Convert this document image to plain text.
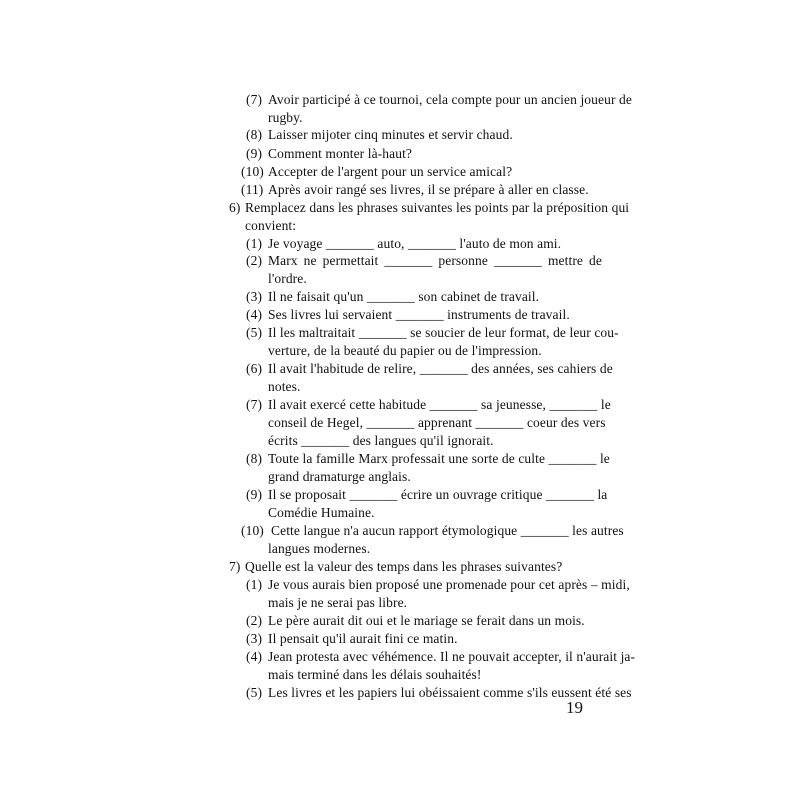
(7) Avoir participé à ce tournoi, cela compte pour un ancien joueur de
rugby.
(8) Laisser mijoter cinq minutes et servir chaud.
(9) Comment monter là-haut?
(10) Accepter de l'argent pour un service amical?
(11) Après avoir rangé ses livres, il se prépare à aller en classe.
6) Remplacez dans les phrases suivantes les points par la préposition qui
convient:
(1) Je voyage _______ auto, _______ l'auto de mon ami.
(2) Marx ne permettait _______ personne _______ mettre de
l'ordre.
(3) Il ne faisait qu'un _______ son cabinet de travail.
(4) Ses livres lui servaient _______ instruments de travail.
(5) Il les maltraitait _______ se soucier de leur format, de leur cou-
verture, de la beauté du papier ou de l'impression.
(6) Il avait l'habitude de relire, _______ des années, ses cahiers de
notes.
(7) Il avait exercé cette habitude _______ sa jeunesse, _______ le
conseil de Hegel, _______ apprenant _______ coeur des vers
écrits _______ des langues qu'il ignorait.
(8) Toute la famille Marx professait une sorte de culte _______ le
grand dramaturge anglais.
(9) Il se proposait _______ écrire un ouvrage critique _______ la
Comédie Humaine.
(10) Cette langue n'a aucun rapport étymologique _______ les autres
langues modernes.
7) Quelle est la valeur des temps dans les phrases suivantes?
(1) Je vous aurais bien proposé une promenade pour cet après – midi,
mais je ne serai pas libre.
(2) Le père aurait dit oui et le mariage se ferait dans un mois.
(3) Il pensait qu'il aurait fini ce matin.
(4) Jean protesta avec véhémence. Il ne pouvait accepter, il n'aurait ja-
mais terminé dans les délais souhaités!
(5) Les livres et les papiers lui obéissaient comme s'ils eussent été ses
19
